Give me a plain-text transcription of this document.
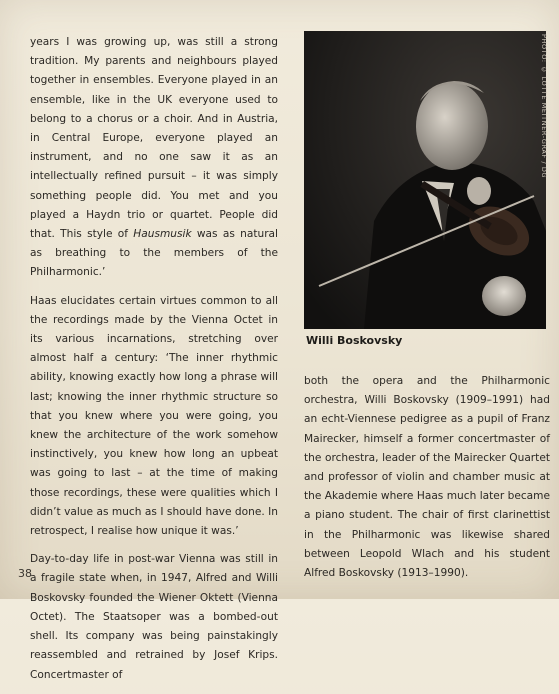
years I was growing up, was still a strong tradition. My parents and neighbours played together in ensembles. Everyone played in an ensemble, like in the UK everyone used to belong to a chorus or a choir. And in Austria, in Central Europe, everyone played an instrument, and no one saw it as an intellectually refined pursuit – it was simply something people did. You met and you played a Haydn trio or quartet. People did that. This style of Hausmusik was as natural as breathing to the members of the Philharmonic.’

Haas elucidates certain virtues common to all the recordings made by the Vienna Octet in its various incarnations, stretching over almost half a century: ‘The inner rhythmic ability, knowing exactly how long a phrase will last; knowing the inner rhythmic structure so that you knew where you were going, you knew the architecture of the work somehow instinctively, you knew how long an upbeat was going to last – at the time of making those recordings, these were qualities which I didn’t value as much as I should have done. In retrospect, I realise how unique it was.’

Day-to-day life in post-war Vienna was still in a fragile state when, in 1947, Alfred and Willi Boskovsky founded the Wiener Oktett (Vienna Octet). The Staatsoper was a bombed-out shell. Its company was being painstakingly reassembled and retrained by Josef Krips. Concertmaster of

PHOTO: © LOTTE MEITNER-GRAF / DG
Willi Boskovsky

both the opera and the Philharmonic orchestra, Willi Boskovsky (1909–1991) had an echt-Viennese pedigree as a pupil of Franz Mairecker, himself a former concertmaster of the orchestra, leader of the Mairecker Quartet and professor of violin and chamber music at the Akademie where Haas much later became a piano student. The chair of first clarinettist in the Philharmonic was likewise shared between Leopold Wlach and his student Alfred Boskovsky (1913–1990).

38
